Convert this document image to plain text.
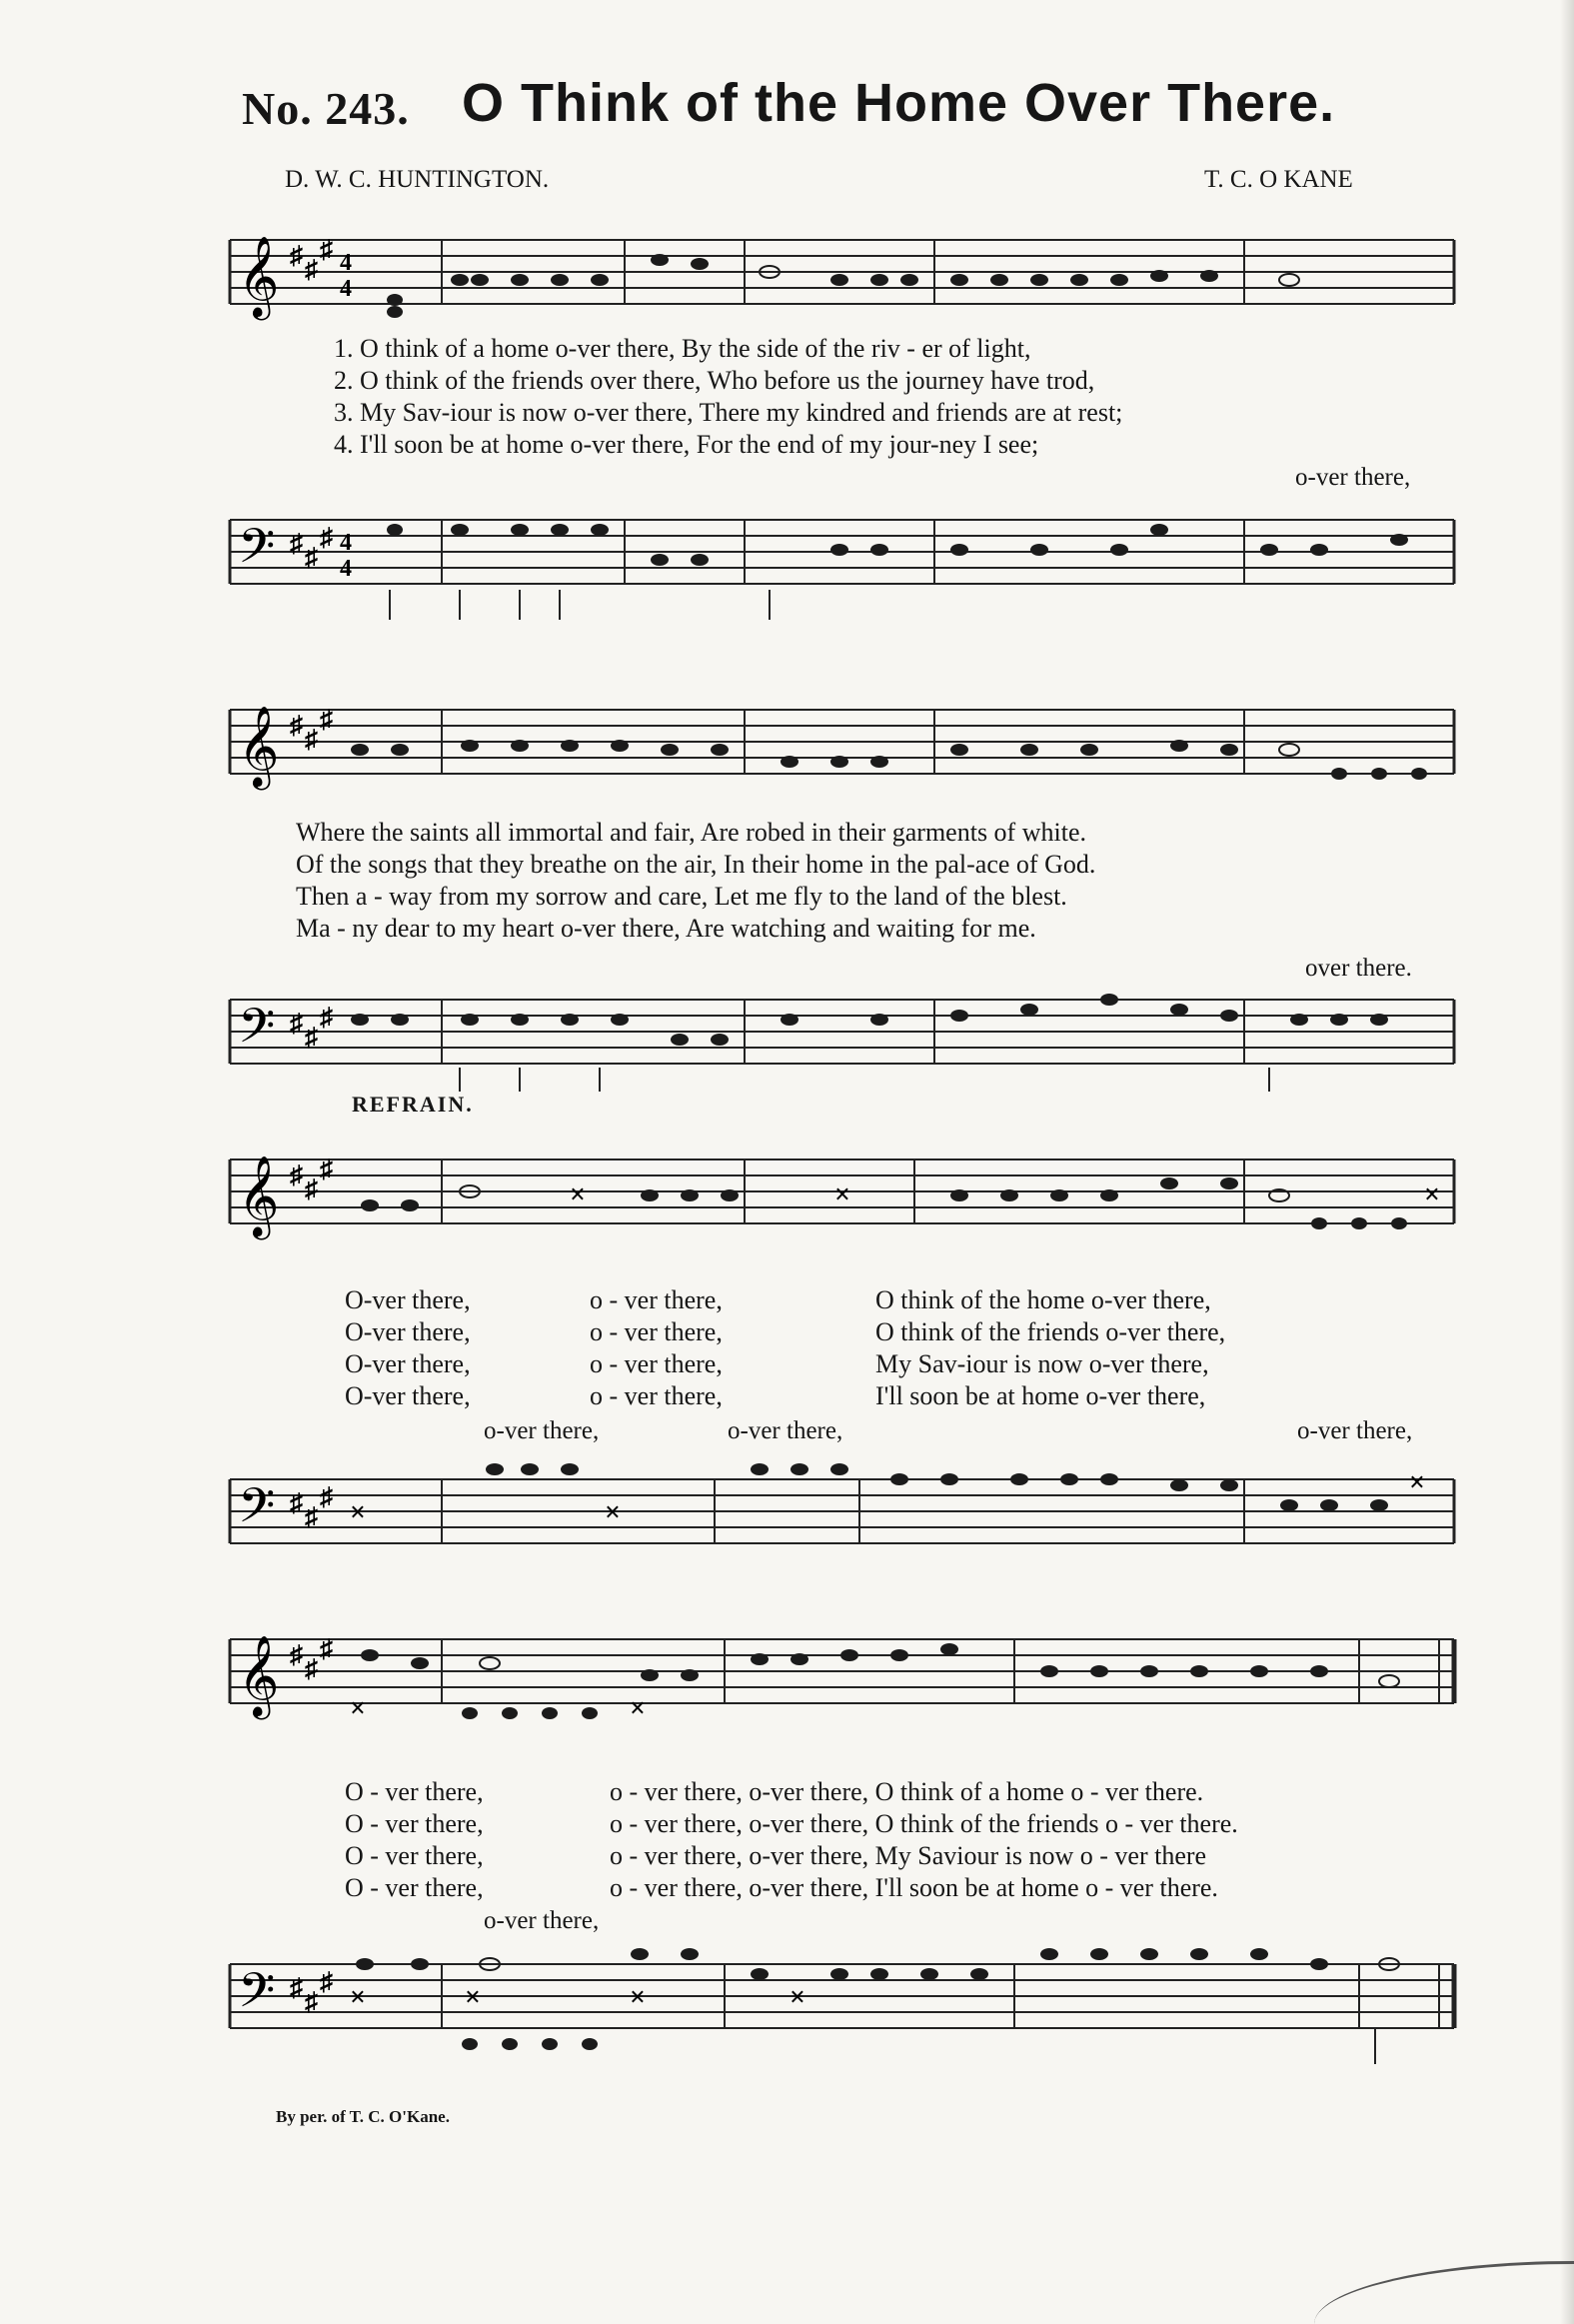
No. 243. O Think of the Home Over There.
D. W. C. HUNTINGTON.	T. C. O KANE
𝄞 ♯ ♯
♯ 4
4
1. O think of a home o-ver there, By the side of the riv - er of light,
2. O think of the friends over there, Who before us the journey have trod,
3. My Sav-iour is now o-ver there, There my kindred and friends are at rest;
4. I'll soon be at home o-ver there, For the end of my jour-ney I see;
o-ver there,
𝄢 ♯ ♯
♯ 4
4
𝄞 ♯ ♯
♯
Where the saints all immortal and fair, Are robed in their garments of white.
Of the songs that they breathe on the air, In their home in the pal-ace of God.
Then a - way from my sorrow and care, Let me fly to the land of the blest.
Ma - ny dear to my heart o-ver there, Are watching and waiting for me.
over there.
𝄢 ♯ ♯
♯
REFRAIN.
𝄞 ♯ ♯
♯
×	×	×
O-ver there,	o - ver there,	O think of the home o-ver there,
O-ver there,	o - ver there,	O think of the friends o-ver there,
O-ver there,	o - ver there,	My Sav-iour is now o-ver there,
O-ver there,	o - ver there,	I'll soon be at home o-ver there,
o-ver there,	o-ver there,	o-ver there,
𝄢 ♯ ♯
♯
×	×
×
𝄞 ♯ ♯
♯
×	×
O - ver there,	o - ver there, o-ver there, O think of a home o - ver there.
O - ver there,	o - ver there, o-ver there, O think of the friends o - ver there.
O - ver there,	o - ver there, o-ver there, My Saviour is now o - ver there
O - ver there,	o - ver there, o-ver there, I'll soon be at home o - ver there.
o-ver there,
𝄢 ♯ ♯
♯
×	×	×	×
By per. of T. C. O'Kane.
